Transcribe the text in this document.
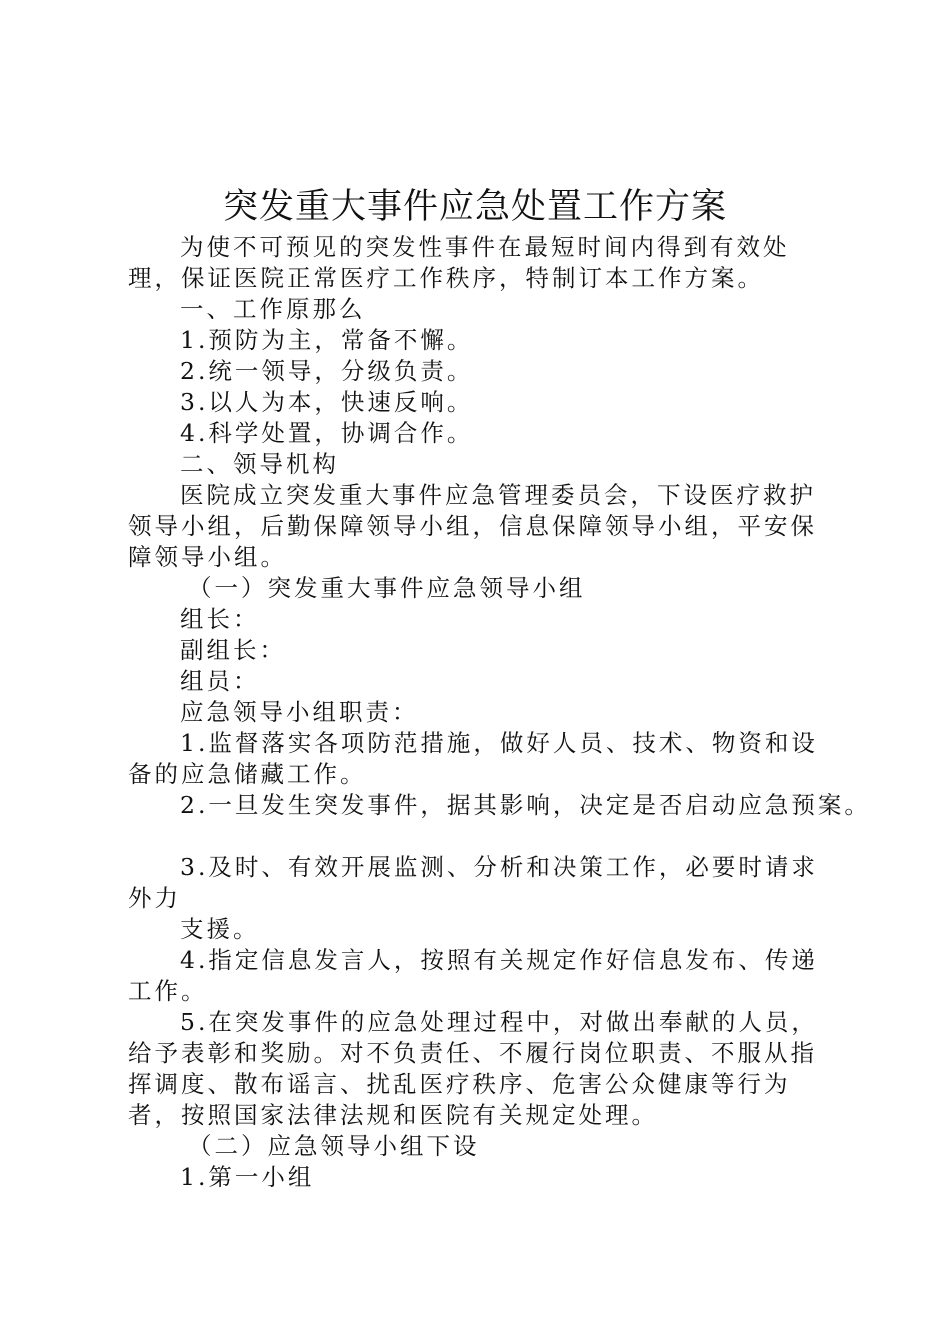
突发重大事件应急处置工作方案

为使不可预见的突发性事件在最短时间内得到有效处理，保证医院正常医疗工作秩序，特制订本工作方案。

一、工作原那么

1.预防为主，常备不懈。

2.统一领导，分级负责。

3.以人为本，快速反响。

4.科学处置，协调合作。

二、领导机构

医院成立突发重大事件应急管理委员会，下设医疗救护领导小组，后勤保障领导小组，信息保障领导小组，平安保障领导小组。

（一）突发重大事件应急领导小组

组长：

副组长：

组员：

应急领导小组职责：

1.监督落实各项防范措施，做好人员、技术、物资和设备的应急储藏工作。

2.一旦发生突发事件，据其影响，决定是否启动应急预案。

3.及时、有效开展监测、分析和决策工作，必要时请求外力

支援。

4.指定信息发言人，按照有关规定作好信息发布、传递工作。

5.在突发事件的应急处理过程中，对做出奉献的人员，给予表彰和奖励。对不负责任、不履行岗位职责、不服从指挥调度、散布谣言、扰乱医疗秩序、危害公众健康等行为者，按照国家法律法规和医院有关规定处理。

（二）应急领导小组下设

1.第一小组
